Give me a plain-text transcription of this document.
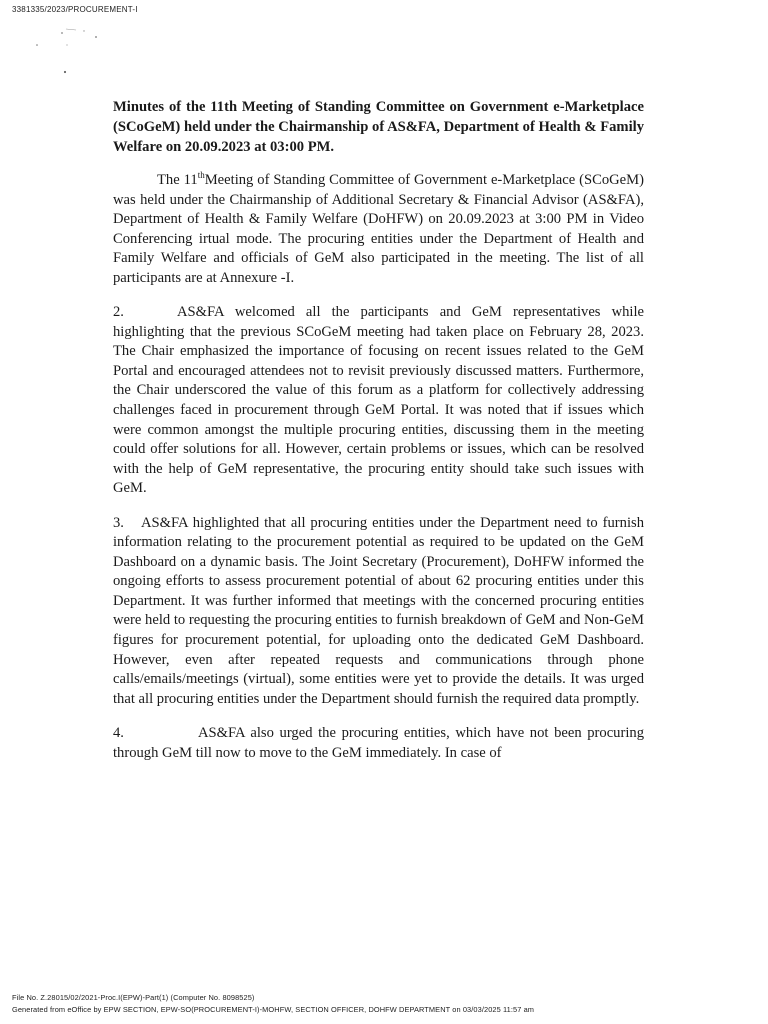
3381335/2023/PROCUREMENT-I

Minutes of the 11th Meeting of Standing Committee on Government e-Marketplace (SCoGeM) held under the Chairmanship of AS&FA, Department of Health & Family Welfare on 20.09.2023 at 03:00 PM.

The 11thMeeting of Standing Committee of Government e-Marketplace (SCoGeM) was held under the Chairmanship of Additional Secretary & Financial Advisor (AS&FA), Department of Health & Family Welfare (DoHFW) on 20.09.2023 at 3:00 PM in Video Conferencing irtual mode. The procuring entities under the Department of Health and Family Welfare and officials of GeM also participated in the meeting. The list of all participants are at Annexure -I.

2.	AS&FA welcomed all the participants and GeM representatives while highlighting that the previous SCoGeM meeting had taken place on February 28, 2023. The Chair emphasized the importance of focusing on recent issues related to the GeM Portal and encouraged attendees not to revisit previously discussed matters. Furthermore, the Chair underscored the value of this forum as a platform for collectively addressing challenges faced in procurement through GeM Portal. It was noted that if issues which were common amongst the multiple procuring entities, discussing them in the meeting could offer solutions for all. However, certain problems or issues, which can be resolved with the help of GeM representative, the procuring entity should take such issues with GeM.

3. AS&FA highlighted that all procuring entities under the Department need to furnish information relating to the procurement potential as required to be updated on the GeM Dashboard on a dynamic basis. The Joint Secretary (Procurement), DoHFW informed the ongoing efforts to assess procurement potential of about 62 procuring entities under this Department. It was further informed that meetings with the concerned procuring entities were held to requesting the procuring entities to furnish breakdown of GeM and Non-GeM figures for procurement potential, for uploading onto the dedicated GeM Dashboard. However, even after repeated requests and communications through phone calls/emails/meetings (virtual), some entities were yet to provide the details. It was urged that all procuring entities under the Department should furnish the required data promptly.

4.	AS&FA also urged the procuring entities, which have not been procuring through GeM till now to move to the GeM immediately. In case of

File No. Z.28015/02/2021-Proc.I(EPW)-Part(1) (Computer No. 8098525)
Generated from eOffice by EPW SECTION, EPW-SO(PROCUREMENT-I)-MOHFW, SECTION OFFICER, DOHFW DEPARTMENT on 03/03/2025 11:57 am
